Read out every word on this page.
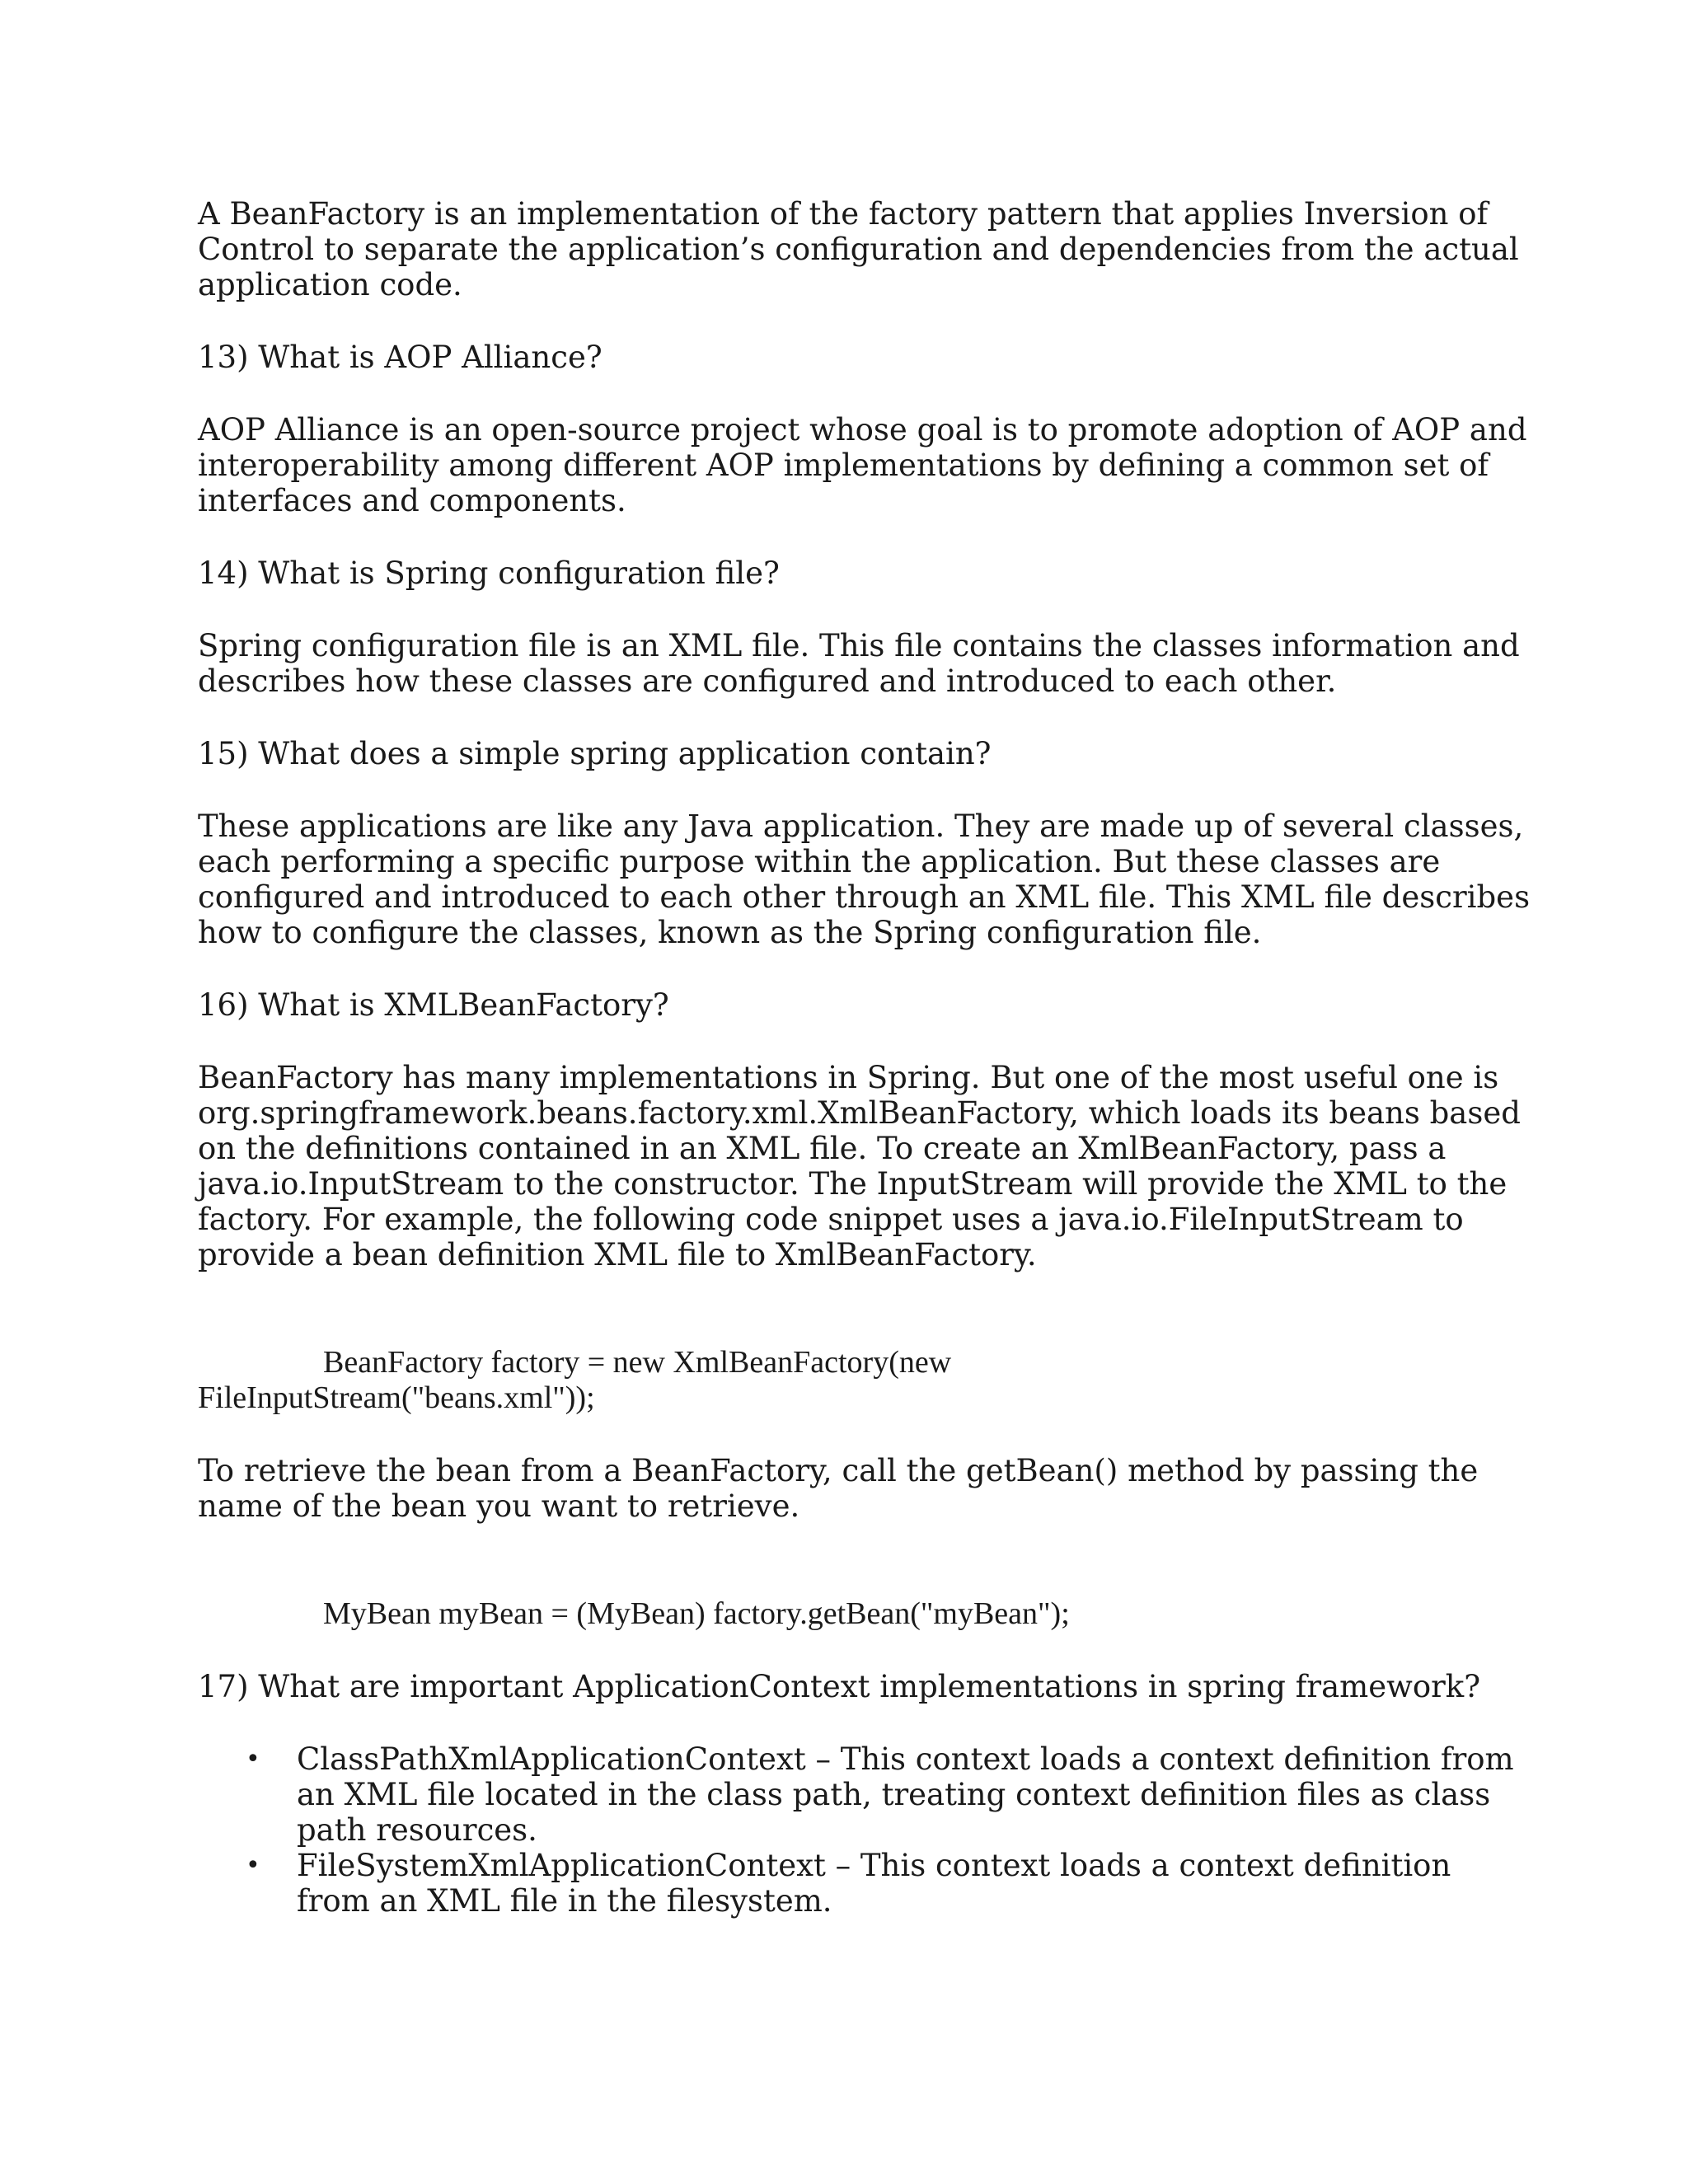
A BeanFactory is an implementation of the factory pattern that applies Inversion of Control to separate the application’s configuration and dependencies from the actual application code.

13) What is AOP Alliance?

AOP Alliance is an open-source project whose goal is to promote adoption of AOP and interoperability among different AOP implementations by defining a common set of interfaces and components.

14) What is Spring configuration file?

Spring configuration file is an XML file. This file contains the classes information and describes how these classes are configured and introduced to each other.

15) What does a simple spring application contain?

These applications are like any Java application. They are made up of several classes, each performing a specific purpose within the application. But these classes are configured and introduced to each other through an XML file. This XML file describes how to configure the classes, known as the Spring configuration file.

16) What is XMLBeanFactory?

BeanFactory has many implementations in Spring. But one of the most useful one is org.springframework.beans.factory.xml.XmlBeanFactory, which loads its beans based on the definitions contained in an XML file. To create an XmlBeanFactory, pass a java.io.InputStream to the constructor. The InputStream will provide the XML to the factory. For example, the following code snippet uses a java.io.FileInputStream to provide a bean definition XML file to XmlBeanFactory.

BeanFactory factory = new XmlBeanFactory(new
FileInputStream("beans.xml"));

To retrieve the bean from a BeanFactory, call the getBean() method by passing the name of the bean you want to retrieve.

MyBean myBean = (MyBean) factory.getBean("myBean");

17) What are important ApplicationContext implementations in spring framework?

• ClassPathXmlApplicationContext – This context loads a context definition from an XML file located in the class path, treating context definition files as class path resources.
• FileSystemXmlApplicationContext – This context loads a context definition from an XML file in the filesystem.
